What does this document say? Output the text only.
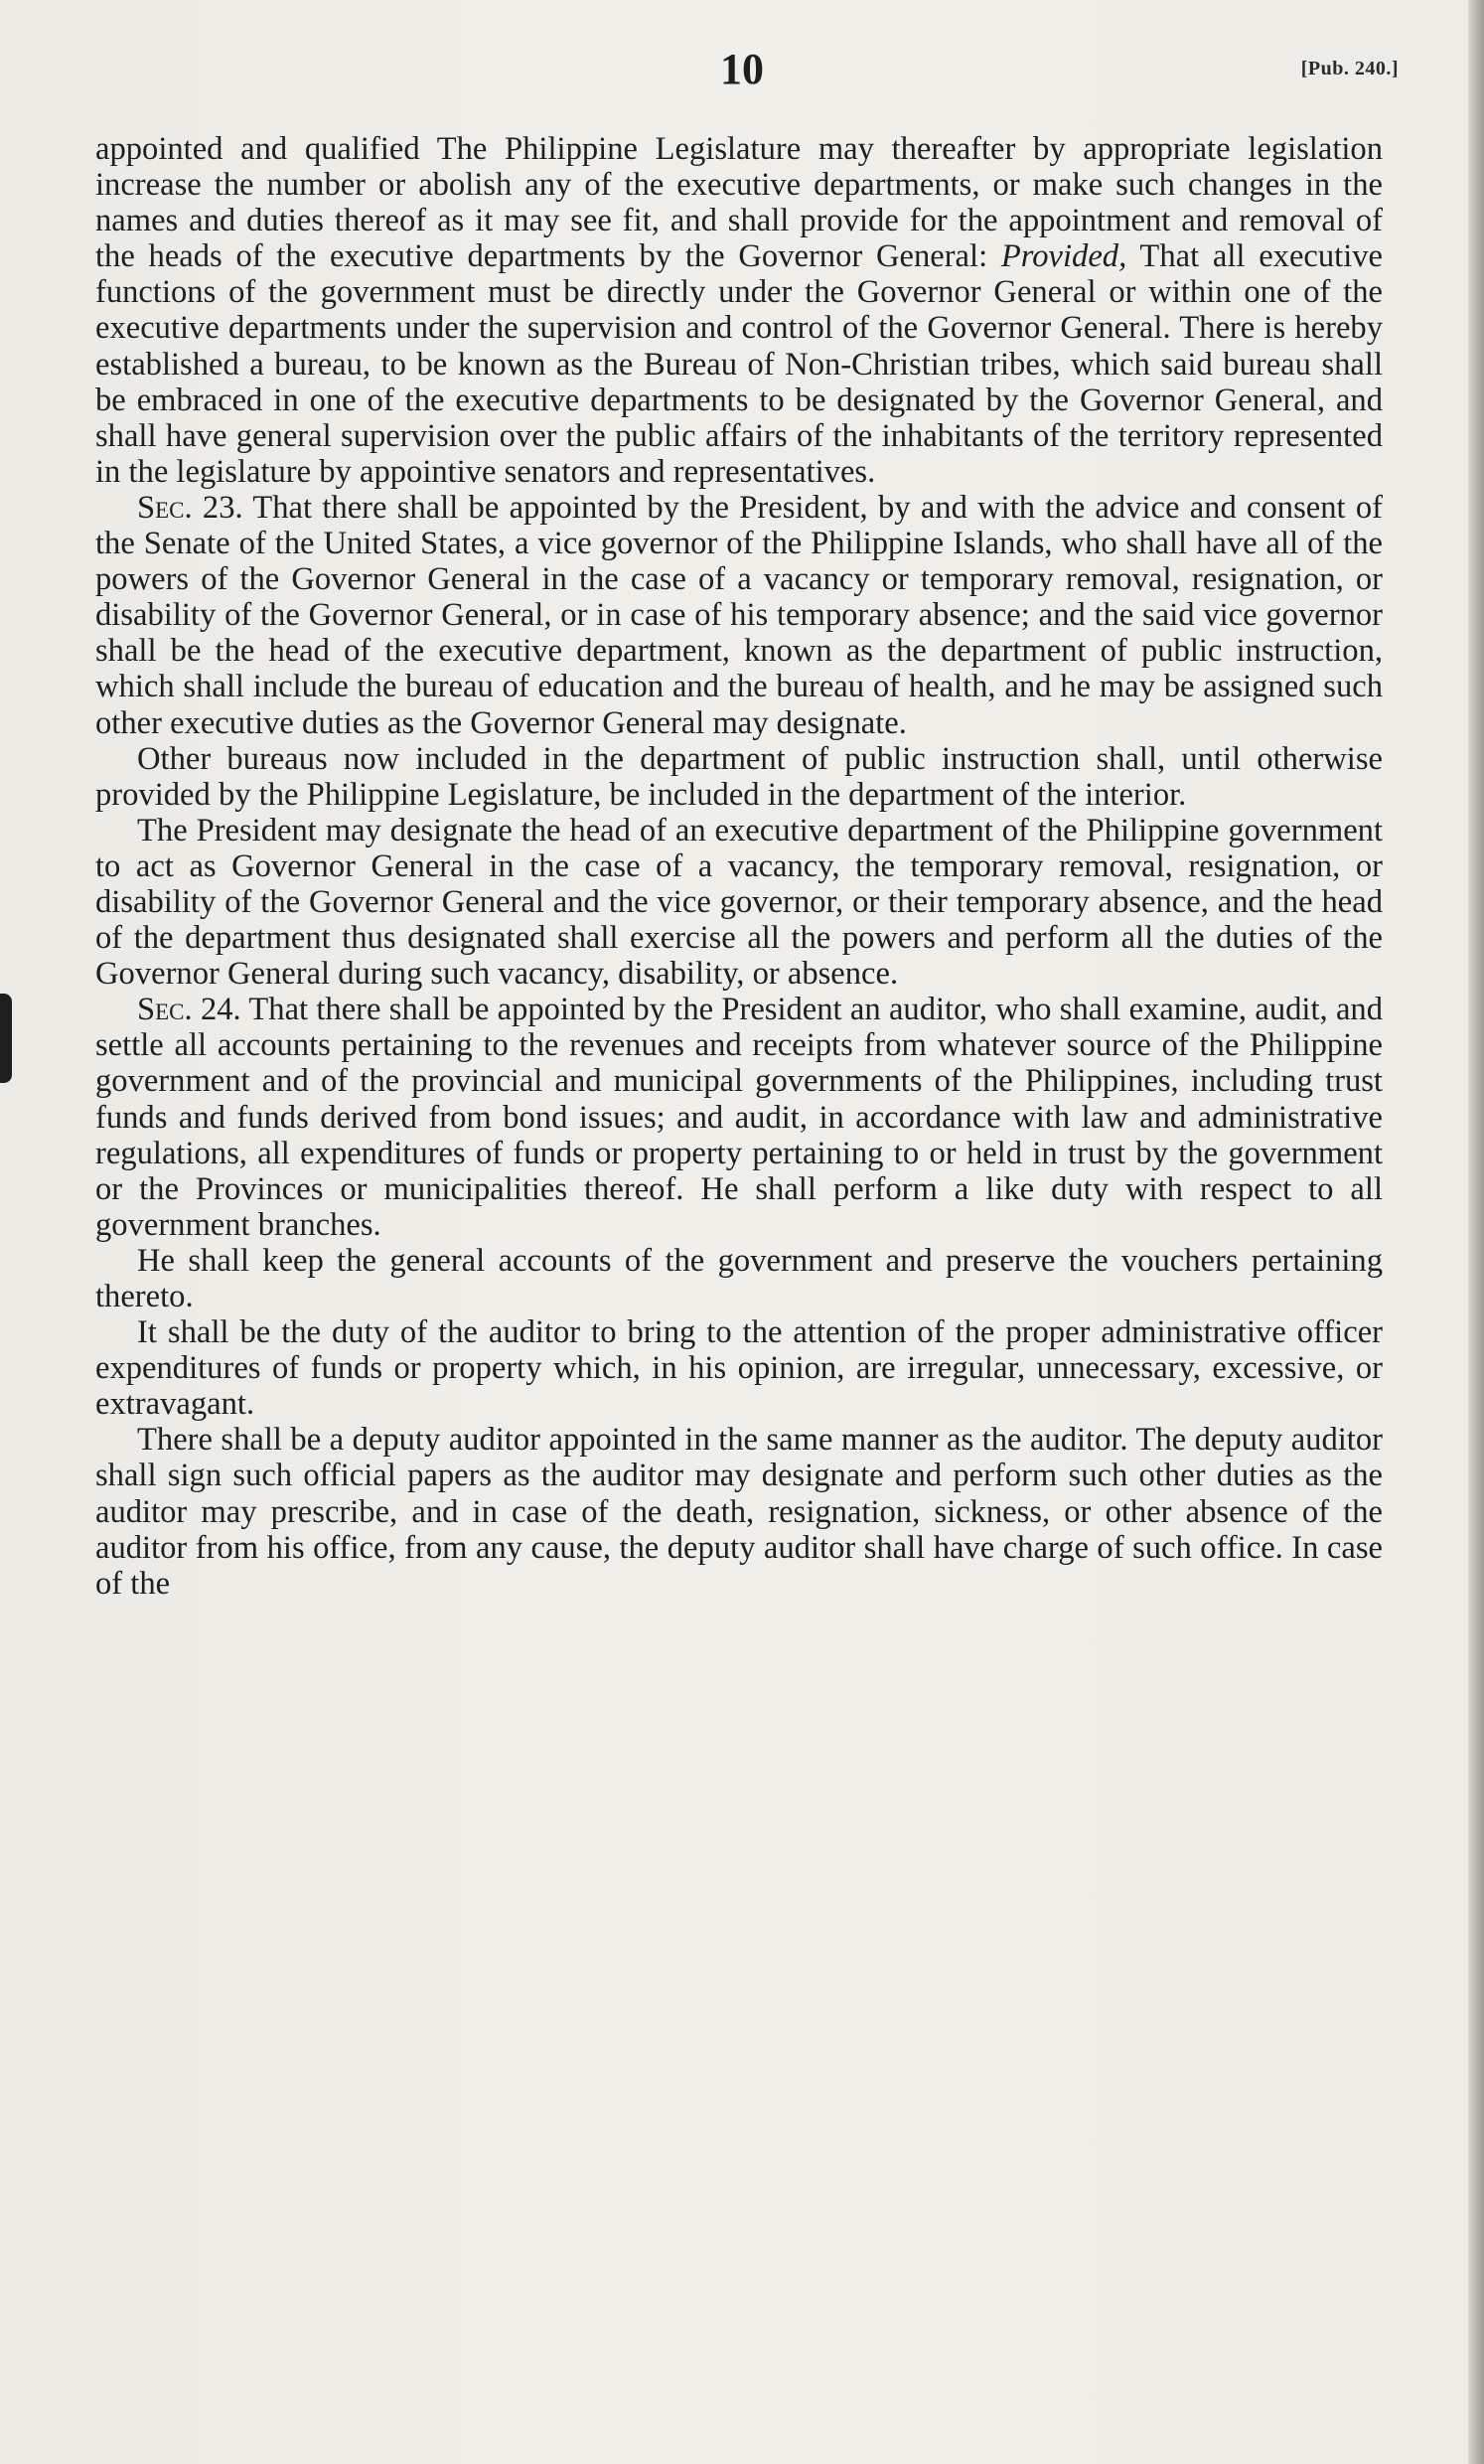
10	[Pub. 240.]

appointed and qualified The Philippine Legislature may thereafter by appropriate legislation increase the number or abolish any of the executive departments, or make such changes in the names and duties thereof as it may see fit, and shall provide for the appointment and removal of the heads of the executive departments by the Governor General: Provided, That all executive functions of the government must be directly under the Governor General or within one of the executive departments under the supervision and control of the Governor General. There is hereby established a bureau, to be known as the Bureau of Non-Christian tribes, which said bureau shall be embraced in one of the executive departments to be designated by the Governor General, and shall have general supervision over the public affairs of the inhabitants of the territory represented in the legislature by appointive senators and representatives.

Sec. 23. That there shall be appointed by the President, by and with the advice and consent of the Senate of the United States, a vice governor of the Philippine Islands, who shall have all of the powers of the Governor General in the case of a vacancy or temporary removal, resignation, or disability of the Governor General, or in case of his temporary absence; and the said vice governor shall be the head of the executive department, known as the department of public instruction, which shall include the bureau of education and the bureau of health, and he may be assigned such other executive duties as the Governor General may designate.

Other bureaus now included in the department of public instruction shall, until otherwise provided by the Philippine Legislature, be included in the department of the interior.

The President may designate the head of an executive department of the Philippine government to act as Governor General in the case of a vacancy, the temporary removal, resignation, or disability of the Governor General and the vice governor, or their temporary absence, and the head of the department thus designated shall exercise all the powers and perform all the duties of the Governor General during such vacancy, disability, or absence.

Sec. 24. That there shall be appointed by the President an auditor, who shall examine, audit, and settle all accounts pertaining to the revenues and receipts from whatever source of the Philippine government and of the provincial and municipal governments of the Philippines, including trust funds and funds derived from bond issues; and audit, in accordance with law and administrative regulations, all expenditures of funds or property pertaining to or held in trust by the government or the Provinces or municipalities thereof. He shall perform a like duty with respect to all government branches.

He shall keep the general accounts of the government and preserve the vouchers pertaining thereto.

It shall be the duty of the auditor to bring to the attention of the proper administrative officer expenditures of funds or property which, in his opinion, are irregular, unnecessary, excessive, or extravagant.

There shall be a deputy auditor appointed in the same manner as the auditor. The deputy auditor shall sign such official papers as the auditor may designate and perform such other duties as the auditor may prescribe, and in case of the death, resignation, sickness, or other absence of the auditor from his office, from any cause, the deputy auditor shall have charge of such office. In case of the
